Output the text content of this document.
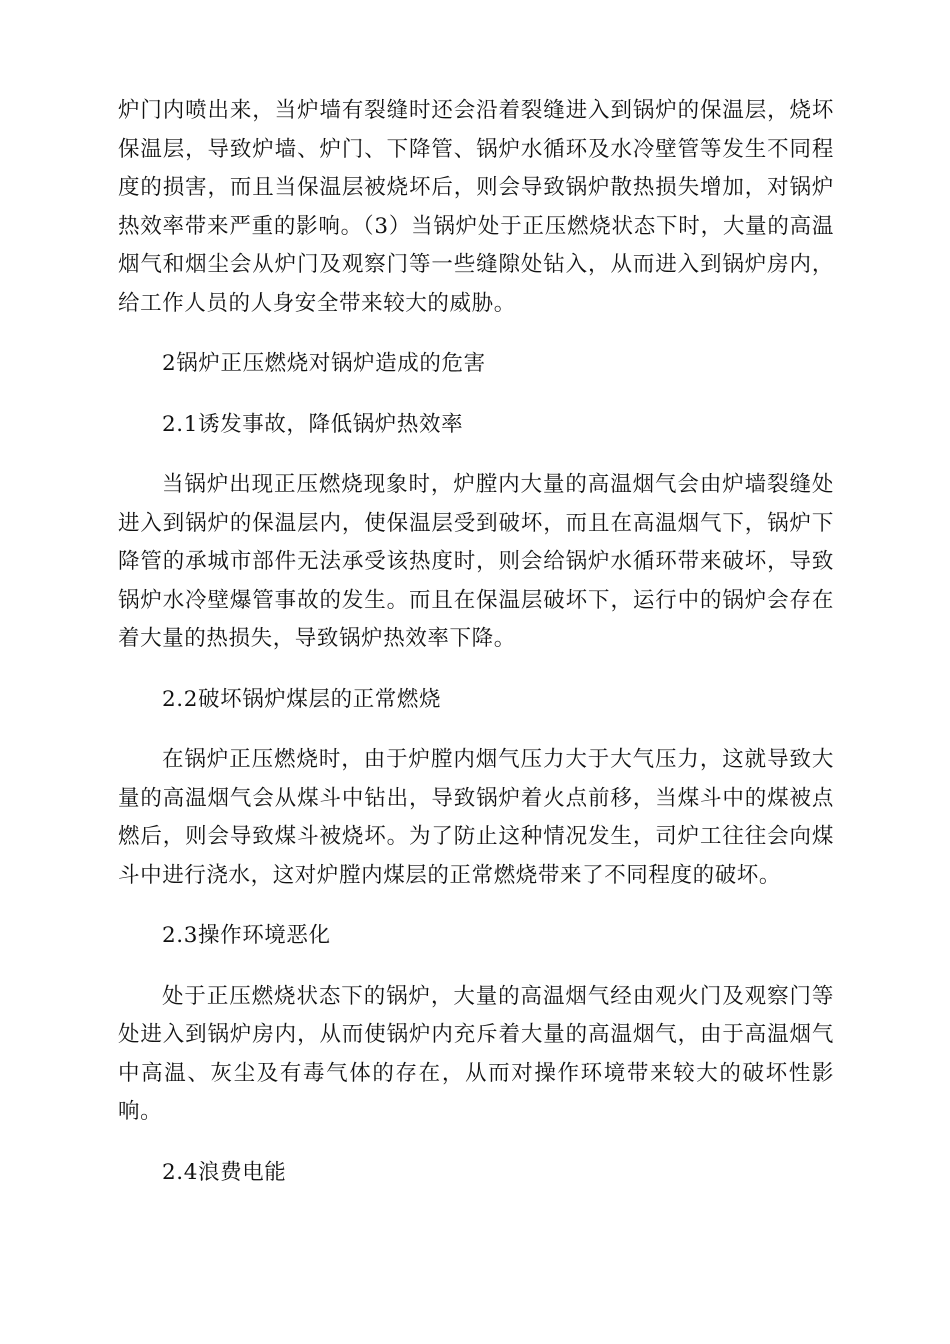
炉门内喷出来，当炉墙有裂缝时还会沿着裂缝进入到锅炉的保温层，烧坏保温层，导致炉墙、炉门、下降管、锅炉水循环及水冷壁管等发生不同程度的损害，而且当保温层被烧坏后，则会导致锅炉散热损失增加，对锅炉热效率带来严重的影响。（3）当锅炉处于正压燃烧状态下时，大量的高温烟气和烟尘会从炉门及观察门等一些缝隙处钻入，从而进入到锅炉房内，给工作人员的人身安全带来较大的威胁。

2锅炉正压燃烧对锅炉造成的危害

2.1诱发事故，降低锅炉热效率

当锅炉出现正压燃烧现象时，炉膛内大量的高温烟气会由炉墙裂缝处进入到锅炉的保温层内，使保温层受到破坏，而且在高温烟气下，锅炉下降管的承城市部件无法承受该热度时，则会给锅炉水循环带来破坏，导致锅炉水冷壁爆管事故的发生。而且在保温层破坏下，运行中的锅炉会存在着大量的热损失，导致锅炉热效率下降。

2.2破坏锅炉煤层的正常燃烧

在锅炉正压燃烧时，由于炉膛内烟气压力大于大气压力，这就导致大量的高温烟气会从煤斗中钻出，导致锅炉着火点前移，当煤斗中的煤被点燃后，则会导致煤斗被烧坏。为了防止这种情况发生，司炉工往往会向煤斗中进行浇水，这对炉膛内煤层的正常燃烧带来了不同程度的破坏。

2.3操作环境恶化

处于正压燃烧状态下的锅炉，大量的高温烟气经由观火门及观察门等处进入到锅炉房内，从而使锅炉内充斥着大量的高温烟气，由于高温烟气中高温、灰尘及有毒气体的存在，从而对操作环境带来较大的破坏性影响。

2.4浪费电能
